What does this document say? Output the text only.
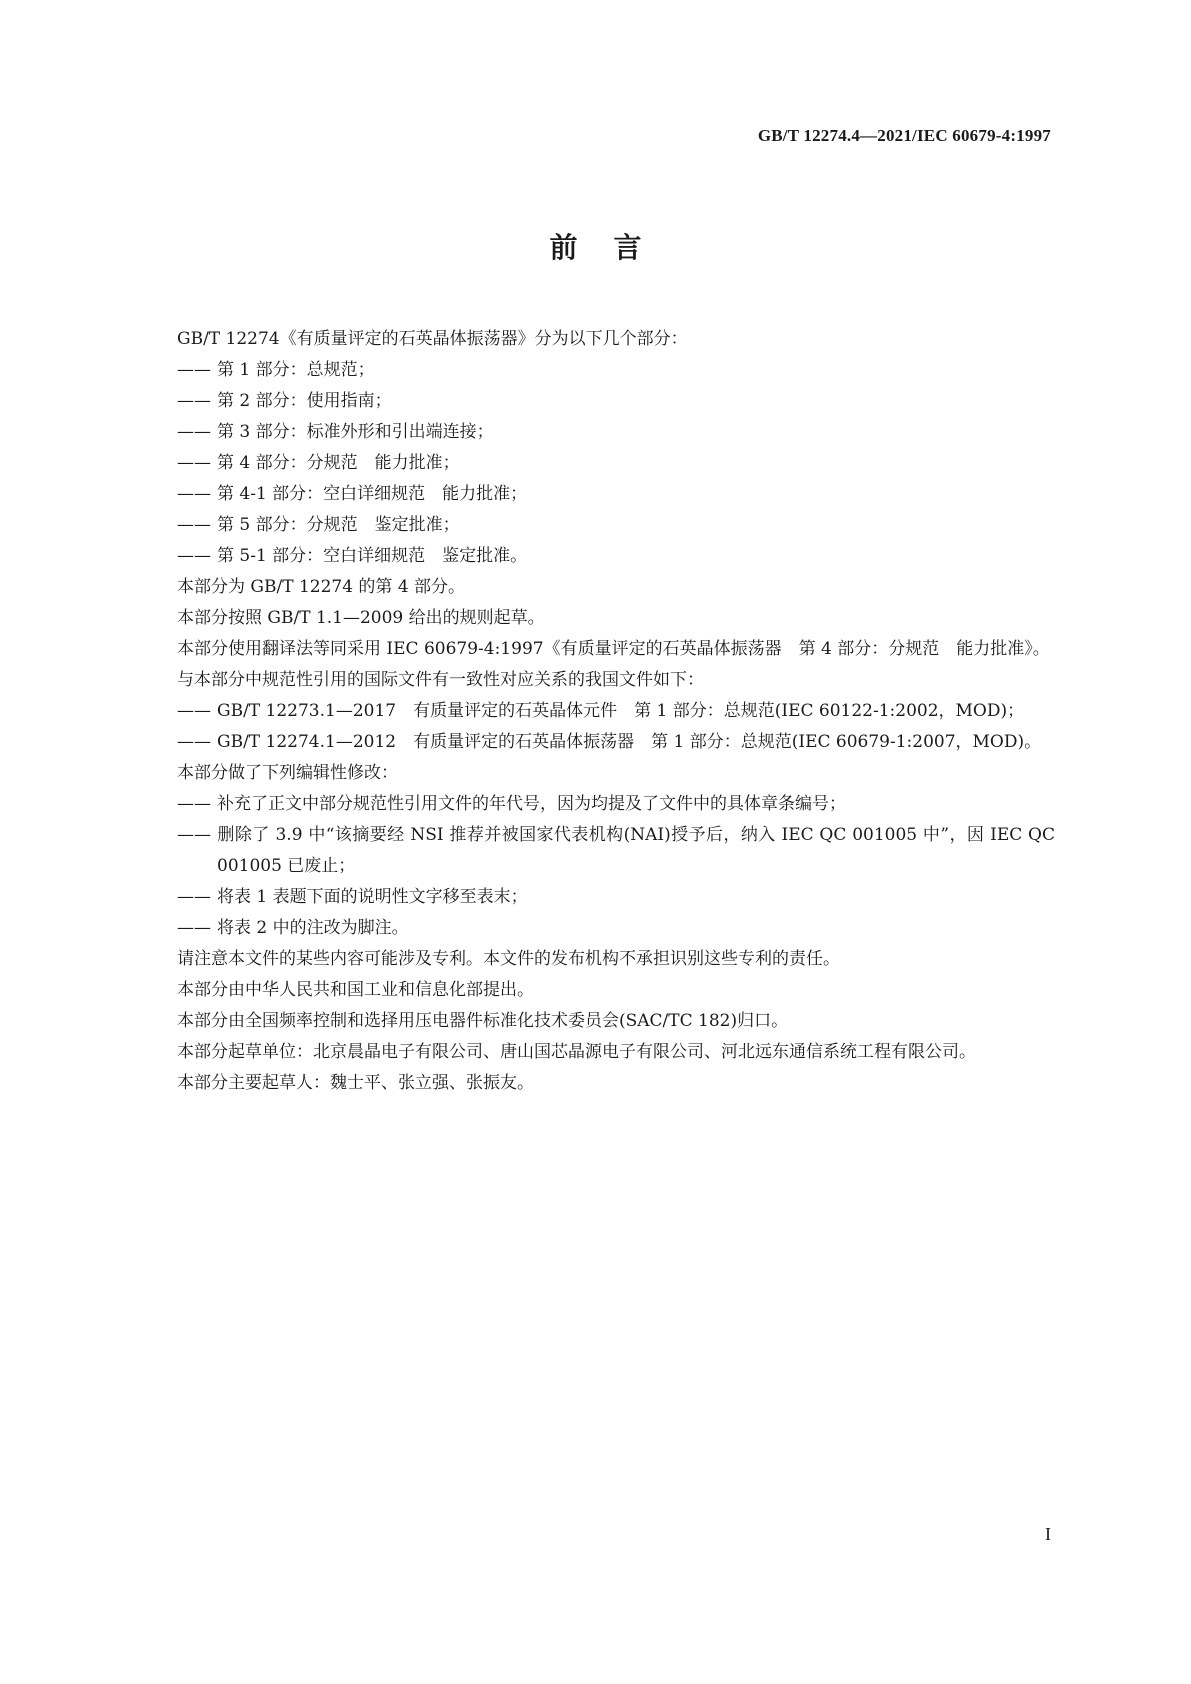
GB/T 12274.4—2021/IEC 60679-4:1997
前言

GB/T 12274《有质量评定的石英晶体振荡器》分为以下几个部分：

—— 第 1 部分：总规范；

—— 第 2 部分：使用指南；

—— 第 3 部分：标准外形和引出端连接；

—— 第 4 部分：分规范　能力批准；

—— 第 4-1 部分：空白详细规范　能力批准；

—— 第 5 部分：分规范　鉴定批准；

—— 第 5-1 部分：空白详细规范　鉴定批准。

本部分为 GB/T 12274 的第 4 部分。

本部分按照 GB/T 1.1—2009 给出的规则起草。

本部分使用翻译法等同采用 IEC 60679-4:1997《有质量评定的石英晶体振荡器　第 4 部分：分规范　能力批准》。

与本部分中规范性引用的国际文件有一致性对应关系的我国文件如下：

—— GB/T 12273.1—2017　有质量评定的石英晶体元件　第 1 部分：总规范(IEC 60122-1:2002，MOD)；

—— GB/T 12274.1—2012　有质量评定的石英晶体振荡器　第 1 部分：总规范(IEC 60679-1:2007，MOD)。

本部分做了下列编辑性修改：

—— 补充了正文中部分规范性引用文件的年代号，因为均提及了文件中的具体章条编号；

—— 删除了 3.9 中“该摘要经 NSI 推荐并被国家代表机构(NAI)授予后，纳入 IEC QC 001005 中”，因 IEC QC 001005 已废止；

—— 将表 1 表题下面的说明性文字移至表末；

—— 将表 2 中的注改为脚注。

请注意本文件的某些内容可能涉及专利。本文件的发布机构不承担识别这些专利的责任。

本部分由中华人民共和国工业和信息化部提出。

本部分由全国频率控制和选择用压电器件标准化技术委员会(SAC/TC 182)归口。

本部分起草单位：北京晨晶电子有限公司、唐山国芯晶源电子有限公司、河北远东通信系统工程有限公司。

本部分主要起草人：魏士平、张立强、张振友。

I
